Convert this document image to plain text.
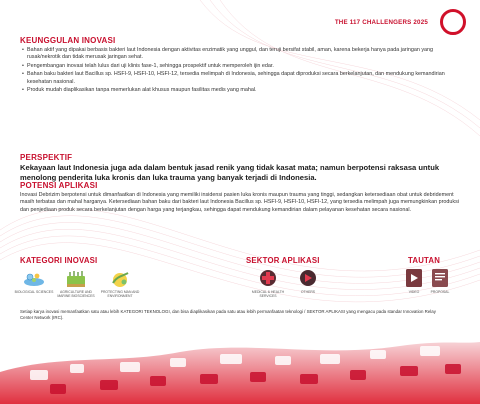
THE 117 CHALLENGERS 2025
KEUNGGULAN INOVASI
• Bahan aktif yang dipakai berbasis bakteri laut Indonesia dengan aktivitas enzimatik yang unggul, dan teruji bersifat stabil, aman, karena bekerja hanya pada jaringan yang rusak/nekrotik dan tidak merusak jaringan sehat.
• Pengembangan inovasi telah lulus dari uji klinis fase-1, sehingga prospektif untuk memperoleh ijin edar.
• Bahan baku bakteri laut Bacillus sp. HSFI-9, HSFI-10, HSFI-12, tersedia melimpah di Indonesia, sehingga dapat diproduksi secara berkelanjutan, dan mendukung kemandirian kesehatan nasional.
• Produk mudah diaplikasikan tanpa memerlukan alat khusus maupun fasilitas medis yang mahal.
PERSPEKTIF
Kekayaan laut Indonesia juga ada dalam bentuk jasad renik yang tidak kasat mata; namun berpotensi raksasa untuk menolong penderita luka kronis dan luka trauma yang banyak terjadi di Indonesia.
POTENSI APLIKASI
Inovasi Debrizim berpotensi untuk dimanfaatkan di Indonesia yang memiliki insidensi pasien luka kronis maupun trauma yang tinggi, sedangkan ketersediaan obat untuk debridement masih terbatas dan mahal harganya. Ketersediaan bahan baku dari bakteri laut Indonesia Bacillus sp. HSFI-9, HSFI-10, HSFI-12, yang tersedia melimpah juga memungkinkan produksi dan penjediaan produk secara berkelanjutan dengan harga yang terjangkau, sehingga dapat mendukung kemandirian dalam pelayanan kesehatan secara nasional.
KATEGORI INOVASI	SEKTOR APLIKASI	TAUTAN
BIOLOGICAL SCIENCES	AGRICULTURE AND MARINE BIOSCIENCES
PROTECTING MAN AND ENVIRONMENT
MEDICAL & HEALTH SERVICES
OTHERS	VIDEO	PROPOSAL
Setiap karya inovasi memanfaatkan satu atau lebih KATEGORI TEKNOLOGI, dan bisa diaplikasikan pada satu atau lebih permanfaatan teknologi / SEKTOR APLIKASI yang mengacu pada standar Innovation Relay Center Network (IRC).
